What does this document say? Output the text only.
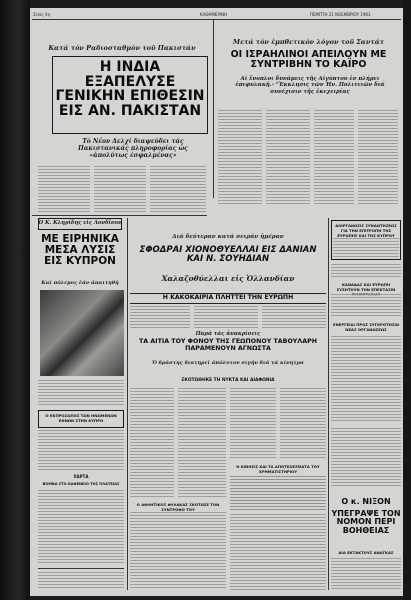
Σελίς 4η	ΚΑΘΗΜΕΡΙΝΗ	ΠΕΜΠΤΗ 21 ΝΟΕΜΒΡΙΟΥ 1963
Κατά τόν Ραδιοσταθμόν τοῦ Πακιστάν
Η ΙΝΔΙΑ ΕΞΑΠΕΛΥΣΕ ΓΕΝΙΚΗΝ ΕΠΙΘΕΣΙΝ ΕΙΣ ΑΝ. ΠΑΚΙΣΤΑΝ
Τό Νέον Δελχί διαψεύδει τάς Πακιστανικάς πληροφορίας ὡς «ἀπολύτως ἐσφαλμένας»
Μετά τόν ἐμπθετικόν λόγον τοῦ Σαντάτ
ΟΙ ΙΣΡΑΗΛΙΝΟΙ ΑΠΕΙΛΟΥΝ ΜΕ ΣΥΝΤΡΙΒΗΝ ΤΟ ΚΑΪΡΟ
Αἱ ἔνοπλοι δυνάμεις τῆς Αἰγύπτου ἐν πλήρει ἐπιφυλακῇ.- "Ἐκκλησις τῶν Ἡν. Πολιτειῶν διά συνέχισιν τῆς ἐκεχειρίας
Ὁ Κ. Κληρίδης εἰς Λονδῖνον
ΜΕ ΕΙΡΗΝΙΚΑ ΜΕΣΑ ΛΥΣΙΣ ΕΙΣ ΚΥΠΡΟΝ
Καί πόλεμος ἐάν ἀπαιτηθῆ
Ο ΕΚΠΡΟΣΩΠΟΣ ΤΩΝ ΗΝΩΜΕΝΩΝ ΕΘΝΩΝ ΣΤΗΝ ΚΥΠΡΟ
ΧΑΡΤΑ
ΒΟΜΒΑ ΣΤΟ ΚΑΦΕΝΕΙΟ ΤΗΣ ΠΛΑΤΕΙΑΣ
Διά δεύτεραν κατά σειράν ἡμέραν
ΣΦΟΔΡΑΙ ΧΙΟΝΟΘΥΕΛΛΑΙ ΕΙΣ ΔΑΝΙΑΝ ΚΑΙ Ν. ΣΟΥΗΔΙΑΝ
Χαλαζοθύελλαι εἰς Ὁλλανδίαν
Η ΚΑΚΟΚΑΙΡΙΑ ΠΛΗΤΤΕΙ ΤΗΝ ΕΥΡΩΠΗ
Παρά τάς ἀνακρίσεις
ΤΑ ΑΙΤΙΑ ΤΟΥ ΦΟΝΟΥ ΤΗΣ ΓΕΩΠΟΝΟΥ ΤΑΒΟΥΛΑΡΗ ΠΑΡΑΜΕΝΟΥΝ ΑΓΝΩΣΤΑ
Ὁ δράστης διατηρεῖ ἀπόλυτον σιγήν διά τά κίνητρα
ΣΚΟΤΩΘΗΚΕ ΤΗ ΝΥΚΤΑ ΚΑΙ ΔΙΑΦΩΝΙΑ
Η ΚΙΝΗΣΙΣ ΚΑΙ ΤΑ ΑΠΟΤΕΛΕΣΜΑΤΑ ΤΟΥ ΧΡΗΜΑΤΙΣΤΗΡΙΟΥ
Ο ΑΘΛΗΤΙΚΟΣ ΦΥΛΑΚΑΣ ΣΚΟΤΩΣΕ ΤΟΝ ΣΥΝΤΡΟΦΟ ΤΟΥ
ΔΙΟΡΓΑΝΩΣΙΣ ΣΥΝΑΝΤΗΣΕΩΣ ΓΙΑ ΤΗΝ ΕΠΙΤΡΟΠΗ ΤΗΣ ΕΥΡΩΠΗΣ ΚΑΙ ΤΗΣ ΚΥΠΡΟΥ
ΚΑΝΑΔΑΣ ΚΑΙ ΕΥΡΩΠΗ ΣΥΖΗΤΟΥΝ ΤΗΝ ΕΠΕΚΤΑΣΙΝ
ΕΝΕΡΓΕΙΑΙ ΠΡΟΣ ΣΥΓΚΡΟΤΗΣΙΝ ΝΕΑΣ ΟΡΓΑΝΩΣΕΩΣ
Ο κ. ΝΙΞΟΝ
ΥΠΕΓΡΑΨΕ ΤΟΝ ΝΟΜΟΝ ΠΕΡΙ ΒΟΗΘΕΙΑΣ
ΔΙΑ ΕΚΤΑΚΤΟΥΣ ΑΝΑΓΚΑΣ
